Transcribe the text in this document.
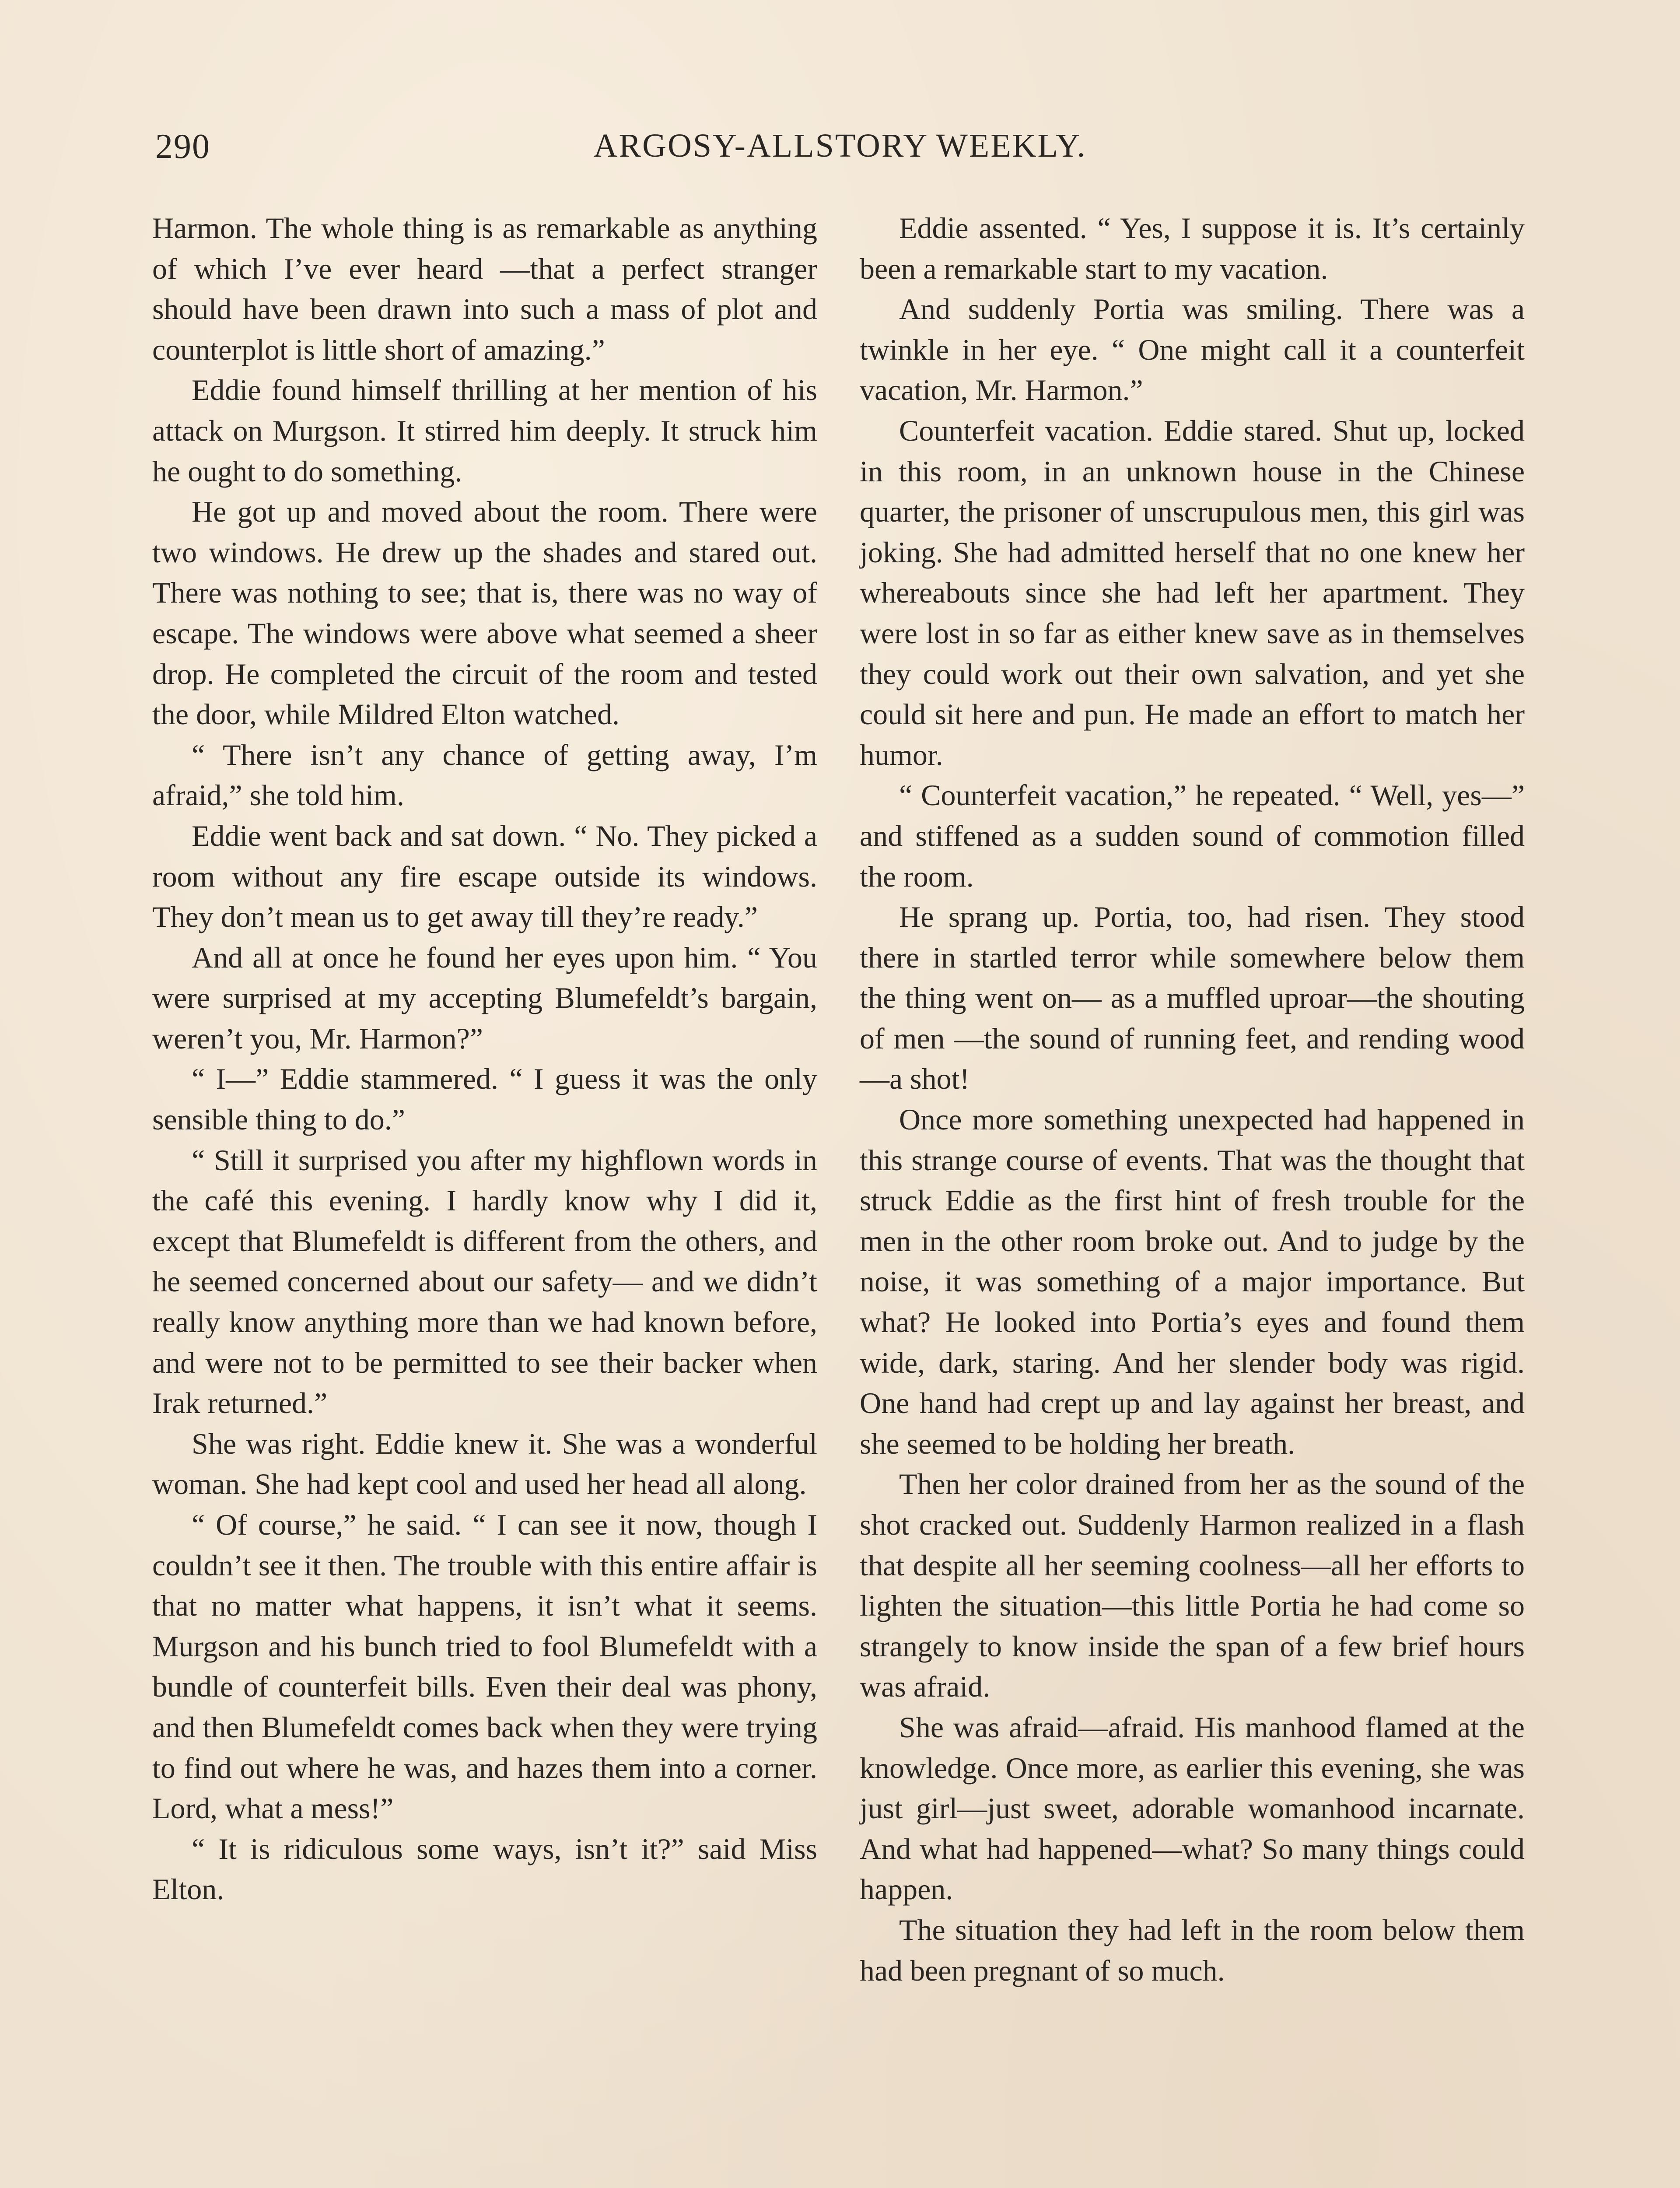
290	ARGOSY-ALLSTORY WEEKLY.

Harmon. The whole thing is as remarkable as anything of which I’ve ever heard —that a perfect stranger should have been drawn into such a mass of plot and counterplot is little short of amazing.”

Eddie found himself thrilling at her mention of his attack on Murgson. It stirred him deeply. It struck him he ought to do something.

He got up and moved about the room. There were two windows. He drew up the shades and stared out. There was nothing to see; that is, there was no way of escape. The windows were above what seemed a sheer drop. He completed the circuit of the room and tested the door, while Mildred Elton watched.

“ There isn’t any chance of getting away, I’m afraid,” she told him.

Eddie went back and sat down. “ No. They picked a room without any fire escape outside its windows. They don’t mean us to get away till they’re ready.”

And all at once he found her eyes upon him. “ You were surprised at my accepting Blumefeldt’s bargain, weren’t you, Mr. Harmon?”

“ I—” Eddie stammered. “ I guess it was the only sensible thing to do.”

“ Still it surprised you after my highflown words in the café this evening. I hardly know why I did it, except that Blumefeldt is different from the others, and he seemed concerned about our safety— and we didn’t really know anything more than we had known before, and were not to be permitted to see their backer when Irak returned.”

She was right. Eddie knew it. She was a wonderful woman. She had kept cool and used her head all along.

“ Of course,” he said. “ I can see it now, though I couldn’t see it then. The trouble with this entire affair is that no matter what happens, it isn’t what it seems. Murgson and his bunch tried to fool Blumefeldt with a bundle of counterfeit bills. Even their deal was phony, and then Blumefeldt comes back when they were trying to find out where he was, and hazes them into a corner. Lord, what a mess!”

“ It is ridiculous some ways, isn’t it?” said Miss Elton.

Eddie assented. “ Yes, I suppose it is. It’s certainly been a remarkable start to my vacation.

And suddenly Portia was smiling. There was a twinkle in her eye. “ One might call it a counterfeit vacation, Mr. Harmon.”

Counterfeit vacation. Eddie stared. Shut up, locked in this room, in an unknown house in the Chinese quarter, the prisoner of unscrupulous men, this girl was joking. She had admitted herself that no one knew her whereabouts since she had left her apartment. They were lost in so far as either knew save as in themselves they could work out their own salvation, and yet she could sit here and pun. He made an effort to match her humor.

“ Counterfeit vacation,” he repeated. “ Well, yes—” and stiffened as a sudden sound of commotion filled the room.

He sprang up. Portia, too, had risen. They stood there in startled terror while somewhere below them the thing went on— as a muffled uproar—the shouting of men —the sound of running feet, and rending wood—a shot!

Once more something unexpected had happened in this strange course of events. That was the thought that struck Eddie as the first hint of fresh trouble for the men in the other room broke out. And to judge by the noise, it was something of a major importance. But what? He looked into Portia’s eyes and found them wide, dark, staring. And her slender body was rigid. One hand had crept up and lay against her breast, and she seemed to be holding her breath.

Then her color drained from her as the sound of the shot cracked out. Suddenly Harmon realized in a flash that despite all her seeming coolness—all her efforts to lighten the situation—this little Portia he had come so strangely to know inside the span of a few brief hours was afraid.

She was afraid—afraid. His manhood flamed at the knowledge. Once more, as earlier this evening, she was just girl—just sweet, adorable womanhood incarnate. And what had happened—what? So many things could happen.

The situation they had left in the room below them had been pregnant of so much.
